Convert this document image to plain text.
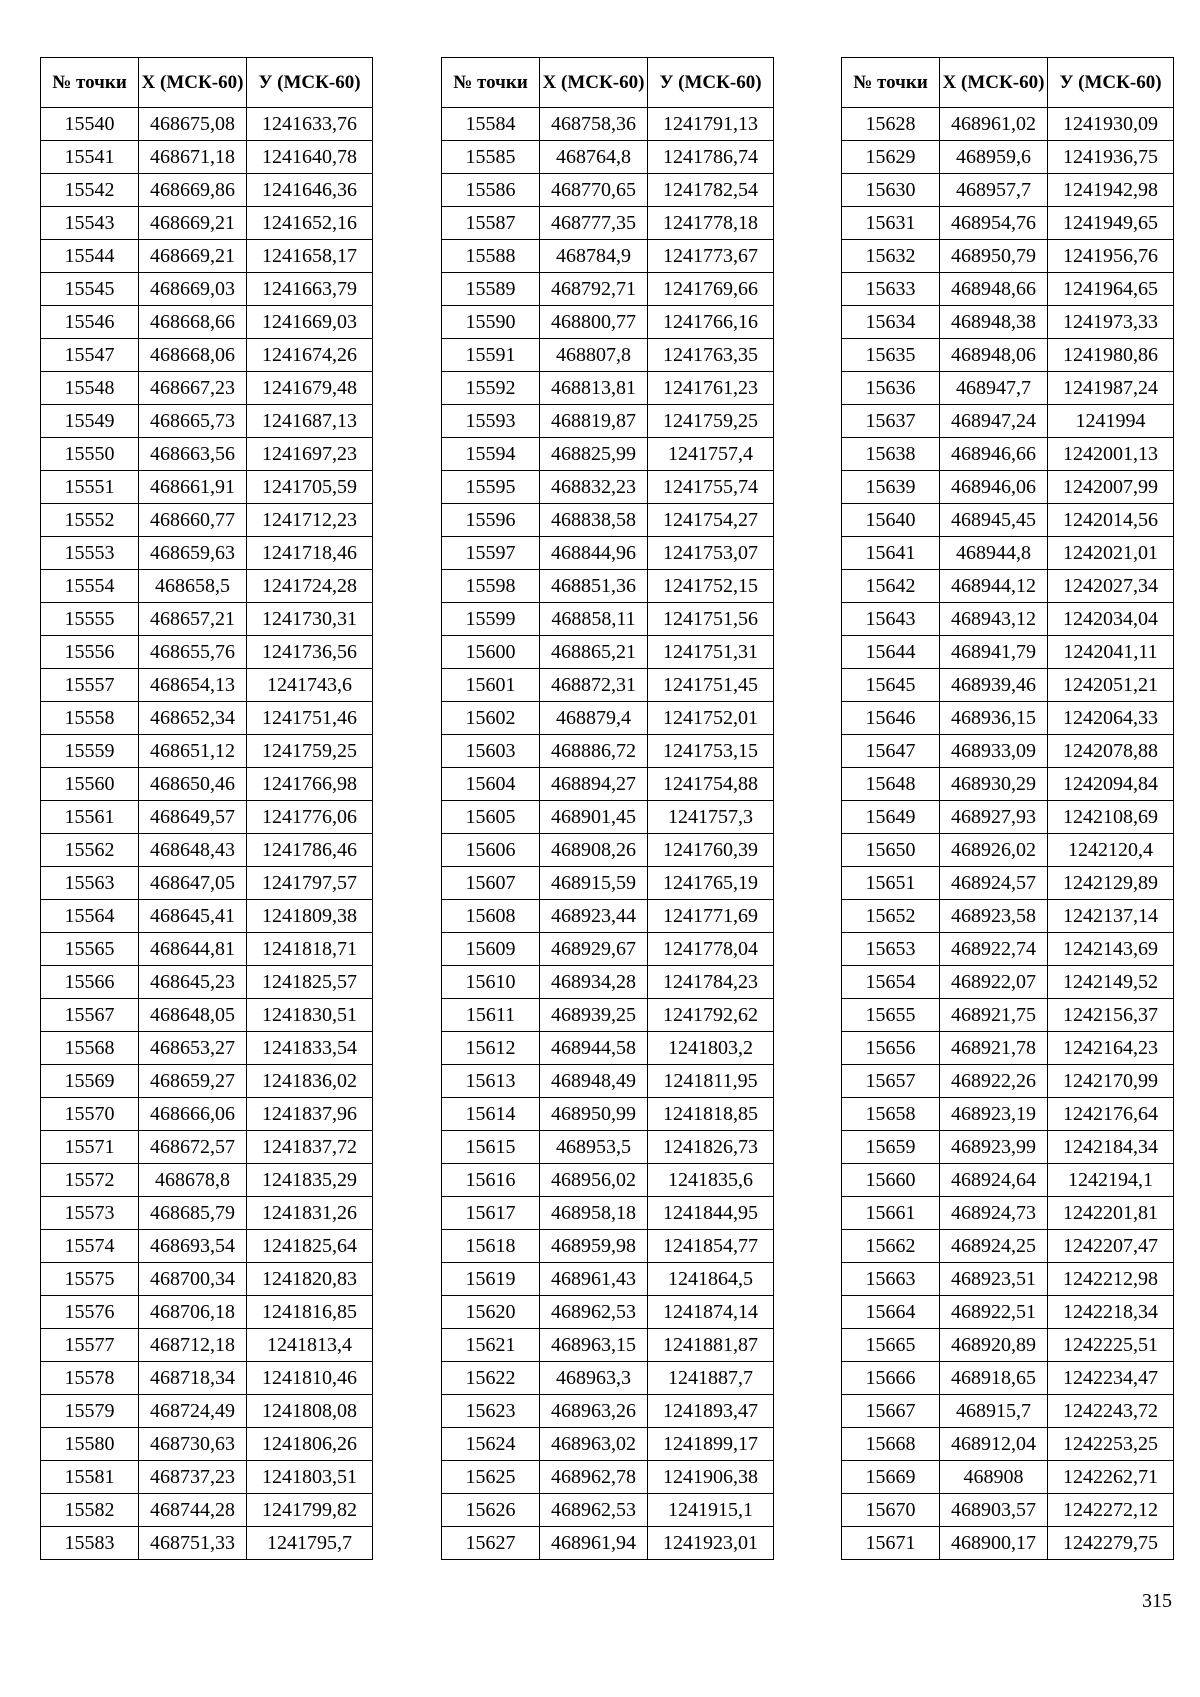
№ точки	Х (МСК-60)	У (МСК-60)
15540	468675,08	1241633,76
15541	468671,18	1241640,78
15542	468669,86	1241646,36
15543	468669,21	1241652,16
15544	468669,21	1241658,17
15545	468669,03	1241663,79
15546	468668,66	1241669,03
15547	468668,06	1241674,26
15548	468667,23	1241679,48
15549	468665,73	1241687,13
15550	468663,56	1241697,23
15551	468661,91	1241705,59
15552	468660,77	1241712,23
15553	468659,63	1241718,46
15554	468658,5	1241724,28
15555	468657,21	1241730,31
15556	468655,76	1241736,56
15557	468654,13	1241743,6
15558	468652,34	1241751,46
15559	468651,12	1241759,25
15560	468650,46	1241766,98
15561	468649,57	1241776,06
15562	468648,43	1241786,46
15563	468647,05	1241797,57
15564	468645,41	1241809,38
15565	468644,81	1241818,71
15566	468645,23	1241825,57
15567	468648,05	1241830,51
15568	468653,27	1241833,54
15569	468659,27	1241836,02
15570	468666,06	1241837,96
15571	468672,57	1241837,72
15572	468678,8	1241835,29
15573	468685,79	1241831,26
15574	468693,54	1241825,64
15575	468700,34	1241820,83
15576	468706,18	1241816,85
15577	468712,18	1241813,4
15578	468718,34	1241810,46
15579	468724,49	1241808,08
15580	468730,63	1241806,26
15581	468737,23	1241803,51
15582	468744,28	1241799,82
15583	468751,33	1241795,7
№ точки	Х (МСК-60)	У (МСК-60)
15584	468758,36	1241791,13
15585	468764,8	1241786,74
15586	468770,65	1241782,54
15587	468777,35	1241778,18
15588	468784,9	1241773,67
15589	468792,71	1241769,66
15590	468800,77	1241766,16
15591	468807,8	1241763,35
15592	468813,81	1241761,23
15593	468819,87	1241759,25
15594	468825,99	1241757,4
15595	468832,23	1241755,74
15596	468838,58	1241754,27
15597	468844,96	1241753,07
15598	468851,36	1241752,15
15599	468858,11	1241751,56
15600	468865,21	1241751,31
15601	468872,31	1241751,45
15602	468879,4	1241752,01
15603	468886,72	1241753,15
15604	468894,27	1241754,88
15605	468901,45	1241757,3
15606	468908,26	1241760,39
15607	468915,59	1241765,19
15608	468923,44	1241771,69
15609	468929,67	1241778,04
15610	468934,28	1241784,23
15611	468939,25	1241792,62
15612	468944,58	1241803,2
15613	468948,49	1241811,95
15614	468950,99	1241818,85
15615	468953,5	1241826,73
15616	468956,02	1241835,6
15617	468958,18	1241844,95
15618	468959,98	1241854,77
15619	468961,43	1241864,5
15620	468962,53	1241874,14
15621	468963,15	1241881,87
15622	468963,3	1241887,7
15623	468963,26	1241893,47
15624	468963,02	1241899,17
15625	468962,78	1241906,38
15626	468962,53	1241915,1
15627	468961,94	1241923,01
№ точки	Х (МСК-60)	У (МСК-60)
15628	468961,02	1241930,09
15629	468959,6	1241936,75
15630	468957,7	1241942,98
15631	468954,76	1241949,65
15632	468950,79	1241956,76
15633	468948,66	1241964,65
15634	468948,38	1241973,33
15635	468948,06	1241980,86
15636	468947,7	1241987,24
15637	468947,24	1241994
15638	468946,66	1242001,13
15639	468946,06	1242007,99
15640	468945,45	1242014,56
15641	468944,8	1242021,01
15642	468944,12	1242027,34
15643	468943,12	1242034,04
15644	468941,79	1242041,11
15645	468939,46	1242051,21
15646	468936,15	1242064,33
15647	468933,09	1242078,88
15648	468930,29	1242094,84
15649	468927,93	1242108,69
15650	468926,02	1242120,4
15651	468924,57	1242129,89
15652	468923,58	1242137,14
15653	468922,74	1242143,69
15654	468922,07	1242149,52
15655	468921,75	1242156,37
15656	468921,78	1242164,23
15657	468922,26	1242170,99
15658	468923,19	1242176,64
15659	468923,99	1242184,34
15660	468924,64	1242194,1
15661	468924,73	1242201,81
15662	468924,25	1242207,47
15663	468923,51	1242212,98
15664	468922,51	1242218,34
15665	468920,89	1242225,51
15666	468918,65	1242234,47
15667	468915,7	1242243,72
15668	468912,04	1242253,25
15669	468908	1242262,71
15670	468903,57	1242272,12
15671	468900,17	1242279,75
315
